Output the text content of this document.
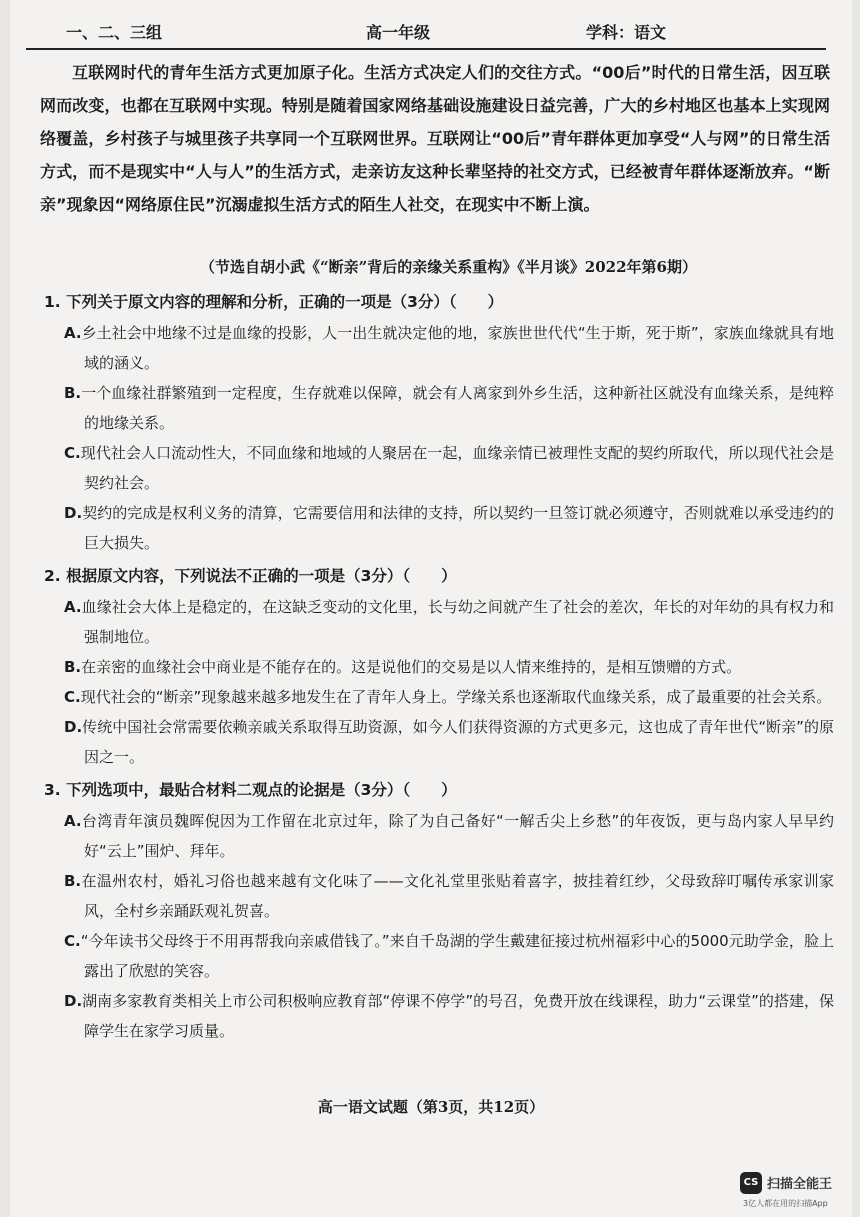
一、二、三组	高一年级	学科：语文

互联网时代的青年生活方式更加原子化。生活方式决定人们的交往方式。“00后”时代的日常生活，因互联网而改变，也都在互联网中实现。特别是随着国家网络基础设施建设日益完善，广大的乡村地区也基本上实现网络覆盖，乡村孩子与城里孩子共享同一个互联网世界。互联网让“00后”青年群体更加享受“人与网”的日常生活方式，而不是现实中“人与人”的生活方式，走亲访友这种长辈坚持的社交方式，已经被青年群体逐渐放弃。“断亲”现象因“网络原住民”沉溺虚拟生活方式的陌生人社交，在现实中不断上演。

（节选自胡小武《“断亲”背后的亲缘关系重构》《半月谈》2022年第6期）
1. 下列关于原文内容的理解和分析，正确的一项是（3分）（　　）
A.乡土社会中地缘不过是血缘的投影，人一出生就决定他的地，家族世世代代“生于斯，死于斯”，家族血缘就具有地域的涵义。
B.一个血缘社群繁殖到一定程度，生存就难以保障，就会有人离家到外乡生活，这种新社区就没有血缘关系，是纯粹的地缘关系。
C.现代社会人口流动性大，不同血缘和地域的人聚居在一起，血缘亲情已被理性支配的契约所取代，所以现代社会是契约社会。
D.契约的完成是权利义务的清算，它需要信用和法律的支持，所以契约一旦签订就必须遵守，否则就难以承受违约的巨大损失。
2. 根据原文内容，下列说法不正确的一项是（3分）（　　）
A.血缘社会大体上是稳定的，在这缺乏变动的文化里，长与幼之间就产生了社会的差次，年长的对年幼的具有权力和强制地位。
B.在亲密的血缘社会中商业是不能存在的。这是说他们的交易是以人情来维持的，是相互馈赠的方式。
C.现代社会的“断亲”现象越来越多地发生在了青年人身上。学缘关系也逐渐取代血缘关系，成了最重要的社会关系。
D.传统中国社会常需要依赖亲戚关系取得互助资源，如今人们获得资源的方式更多元，这也成了青年世代“断亲”的原因之一。
3. 下列选项中，最贴合材料二观点的论据是（3分）（　　）
A.台湾青年演员魏晖倪因为工作留在北京过年，除了为自己备好“一解舌尖上乡愁”的年夜饭，更与岛内家人早早约好“云上”围炉、拜年。
B.在温州农村，婚礼习俗也越来越有文化味了——文化礼堂里张贴着喜字，披挂着红纱，父母致辞叮嘱传承家训家风，全村乡亲踊跃观礼贺喜。
C.“今年读书父母终于不用再帮我向亲戚借钱了。”来自千岛湖的学生戴建征接过杭州福彩中心的5000元助学金，脸上露出了欣慰的笑容。
D.湖南多家教育类相关上市公司积极响应教育部“停课不停学”的号召，免费开放在线课程，助力“云课堂”的搭建，保障学生在家学习质量。
高一语文试题（第3页，共12页）
CS 扫描全能王
3亿人都在用的扫描App
